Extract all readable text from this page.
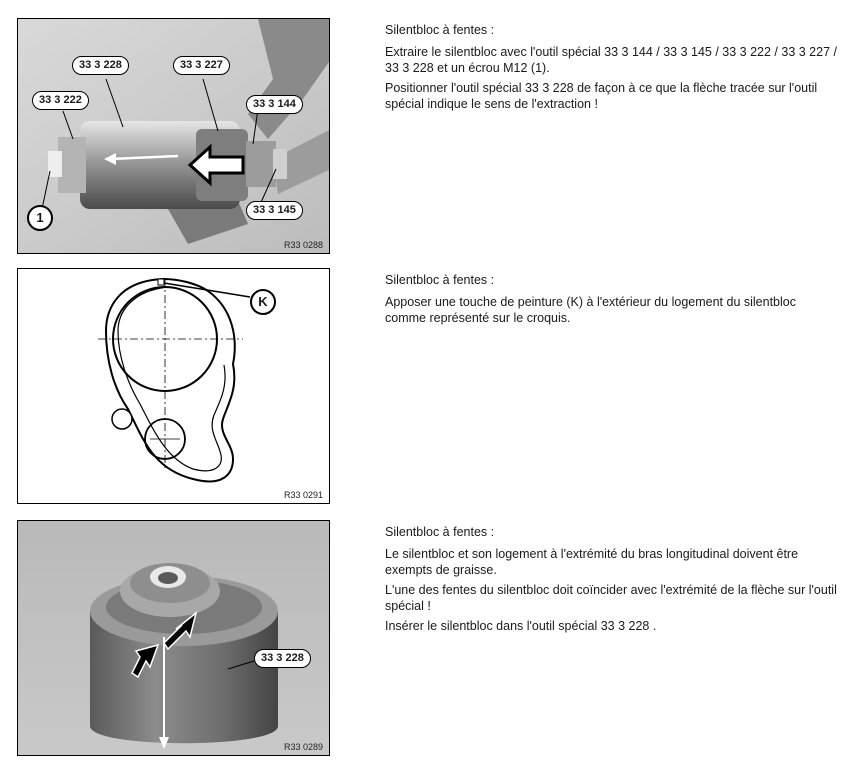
33 3 228	33 3 227
33 3 222	33 3 144
33 3 145
1
R33 0288

Silentbloc à fentes :

Extraire le silentbloc avec l'outil spécial 33 3 144 / 33 3 145 / 33 3 222 / 33 3 227 / 33 3 228 et un écrou M12 (1).

Positionner l'outil spécial 33 3 228 de façon à ce que la flèche tracée sur l'outil spécial indique le sens de l'extraction !

K
R33 0291

Silentbloc à fentes :

Apposer une touche de peinture (K) à l'extérieur du logement du silentbloc comme représenté sur le croquis.

33 3 228
R33 0289

Silentbloc à fentes :

Le silentbloc et son logement à l'extrémité du bras longitudinal doivent être exempts de graisse.

L'une des fentes du silentbloc doit coïncider avec l'extrémité de la flèche sur l'outil spécial !

Insérer le silentbloc dans l'outil spécial 33 3 228 .
